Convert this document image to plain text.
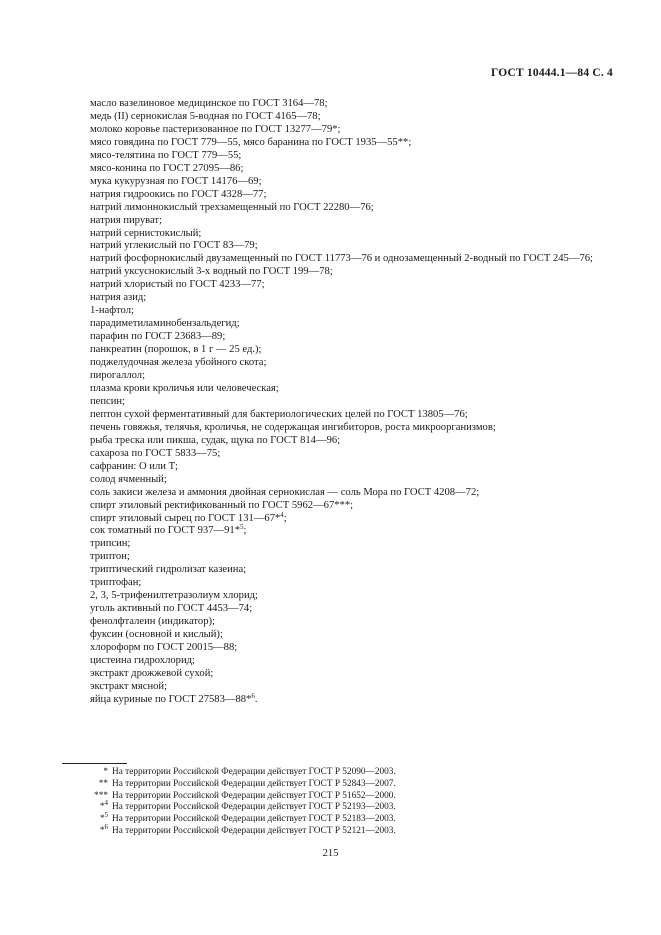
ГОСТ 10444.1—84 С. 4
масло вазелиновое медицинское по ГОСТ 3164—78;
медь (II) сернокислая 5-водная по ГОСТ 4165—78;
молоко коровье пастеризованное по ГОСТ 13277—79*;
мясо говядина по ГОСТ 779—55, мясо баранина по ГОСТ 1935—55**;
мясо-телятина по ГОСТ 779—55;
мясо-конина по ГОСТ 27095—86;
мука кукурузная по ГОСТ 14176—69;
натрия гидроокись по ГОСТ 4328—77;
натрий лимоннокислый трехзамещенный по ГОСТ 22280—76;
натрия пируват;
натрий сернистокислый;
натрий углекислый по ГОСТ 83—79;
натрий фосфорнокислый двузамещенный по ГОСТ 11773—76 и однозамещенный 2-водный по ГОСТ 245—76;
натрий уксуснокислый 3-х водный по ГОСТ 199—78;
натрий хлористый по ГОСТ 4233—77;
натрия азид;
1-нафтол;
парадиметиламинобензальдегид;
парафин по ГОСТ 23683—89;
панкреатин (порошок, в 1 г — 25 ед.);
поджелудочная железа убойного скота;
пирогаллол;
плазма крови кроличья или человеческая;
пепсин;
пептон сухой ферментативный для бактериологических целей по ГОСТ 13805—76;
печень говяжья, телячья, кроличья, не содержащая ингибиторов, роста микроорганизмов;
рыба треска или пикша, судак, щука по ГОСТ 814—96;
сахароза по ГОСТ 5833—75;
сафранин: О или Т;
солод ячменный;
соль закиси железа и аммония двойная сернокислая — соль Мора по ГОСТ 4208—72;
спирт этиловый ректификованный по ГОСТ 5962—67***;
спирт этиловый сырец по ГОСТ 131—67*$^4$;
сок томатный по ГОСТ 937—91*$^5$;
трипсин;
триптон;
триптический гидролизат казеина;
триптофан;
2, 3, 5-трифенилтетразолиум хлорид;
уголь активный по ГОСТ 4453—74;
фенолфталеин (индикатор);
фуксин (основной и кислый);
хлороформ по ГОСТ 20015—88;
цистеина гидрохлорид;
экстракт дрожжевой сухой;
экстракт мясной;
яйца куриные по ГОСТ 27583—88*$^6$.
* На территории Российской Федерации действует ГОСТ Р 52090—2003.
** На территории Российской Федерации действует ГОСТ Р 52843—2007.
*** На территории Российской Федерации действует ГОСТ Р 51652—2000.
*$^4$ На территории Российской Федерации действует ГОСТ Р 52193—2003.
*$^5$ На территории Российской Федерации действует ГОСТ Р 52183—2003.
*$^6$ На территории Российской Федерации действует ГОСТ Р 52121—2003.
215
